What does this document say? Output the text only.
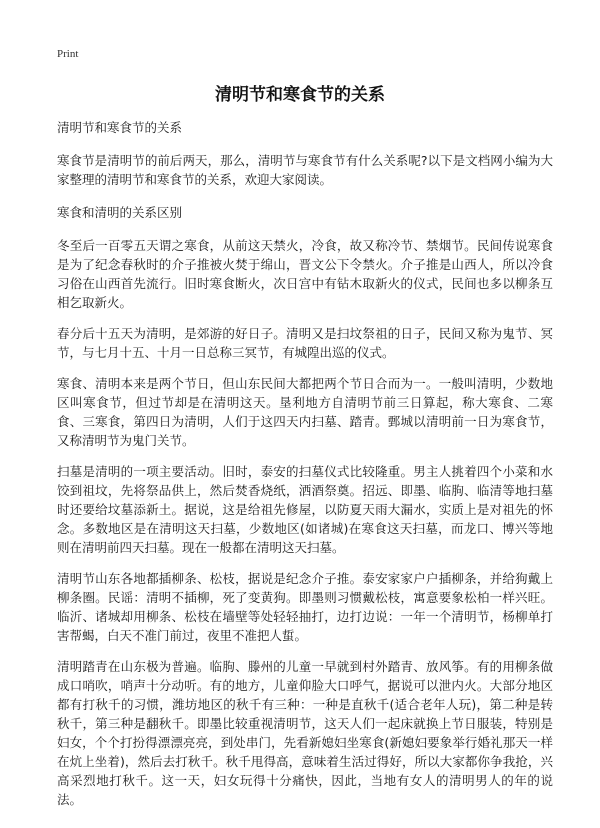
Print
清明节和寒食节的关系

清明节和寒食节的关系

寒食节是清明节的前后两天，那么，清明节与寒食节有什么关系呢?以下是文档网小编为大家整理的清明节和寒食节的关系，欢迎大家阅读。

寒食和清明的关系区别

冬至后一百零五天谓之寒食，从前这天禁火，冷食，故又称冷节、禁烟节。民间传说寒食是为了纪念春秋时的介子推被火焚于绵山，晋文公下令禁火。介子推是山西人，所以冷食习俗在山西首先流行。旧时寒食断火，次日宫中有钻木取新火的仪式，民间也多以柳条互相乞取新火。

春分后十五天为清明，是郊游的好日子。清明又是扫坟祭祖的日子，民间又称为鬼节、冥节，与七月十五、十月一日总称三冥节，有城隍出巡的仪式。

寒食、清明本来是两个节日，但山东民间大都把两个节日合而为一。一般叫清明，少数地区叫寒食节，但过节却是在清明这天。垦利地方自清明节前三日算起，称大寒食、二寒食、三寒食，第四日为清明，人们于这四天内扫墓、踏青。鄄城以清明前一日为寒食节，又称清明节为鬼门关节。

扫墓是清明的一项主要活动。旧时，泰安的扫墓仪式比较隆重。男主人挑着四个小菜和水饺到祖坟，先将祭品供上，然后焚香烧纸，洒酒祭奠。招远、即墨、临朐、临清等地扫墓时还要给坟墓添新土。据说，这是给祖先修屋，以防夏天雨大漏水，实质上是对祖先的怀念。多数地区是在清明这天扫墓，少数地区(如诸城)在寒食这天扫墓，而龙口、博兴等地则在清明前四天扫墓。现在一般都在清明这天扫墓。

清明节山东各地都插柳条、松枝，据说是纪念介子推。泰安家家户户插柳条，并给狗戴上柳条圈。民谣：清明不插柳，死了变黄狗。即墨则习惯戴松枝，寓意要象松柏一样兴旺。临沂、诸城却用柳条、松枝在墙壁等处轻轻抽打，边打边说：一年一个清明节，杨柳单打害帮蝎，白天不准门前过，夜里不准把人蜇。

清明踏青在山东极为普遍。临朐、滕州的儿童一早就到村外踏青、放风筝。有的用柳条做成口哨吹，哨声十分动听。有的地方，儿童仰脸大口呼气，据说可以泄内火。大部分地区都有打秋千的习惯，潍坊地区的秋千有三种：一种是直秋千(适合老年人玩)，第二种是转秋千，第三种是翻秋千。即墨比较重视清明节，这天人们一起床就换上节日服装，特别是妇女，个个打扮得漂漂亮亮，到处串门，先看新媳妇坐寒食(新媳妇要象举行婚礼那天一样在炕上坐着)，然后去打秋千。秋千甩得高，意味着生活过得好，所以大家都你争我抢，兴高采烈地打秋千。这一天，妇女玩得十分痛快，因此，当地有女人的清明男人的年的说法。
